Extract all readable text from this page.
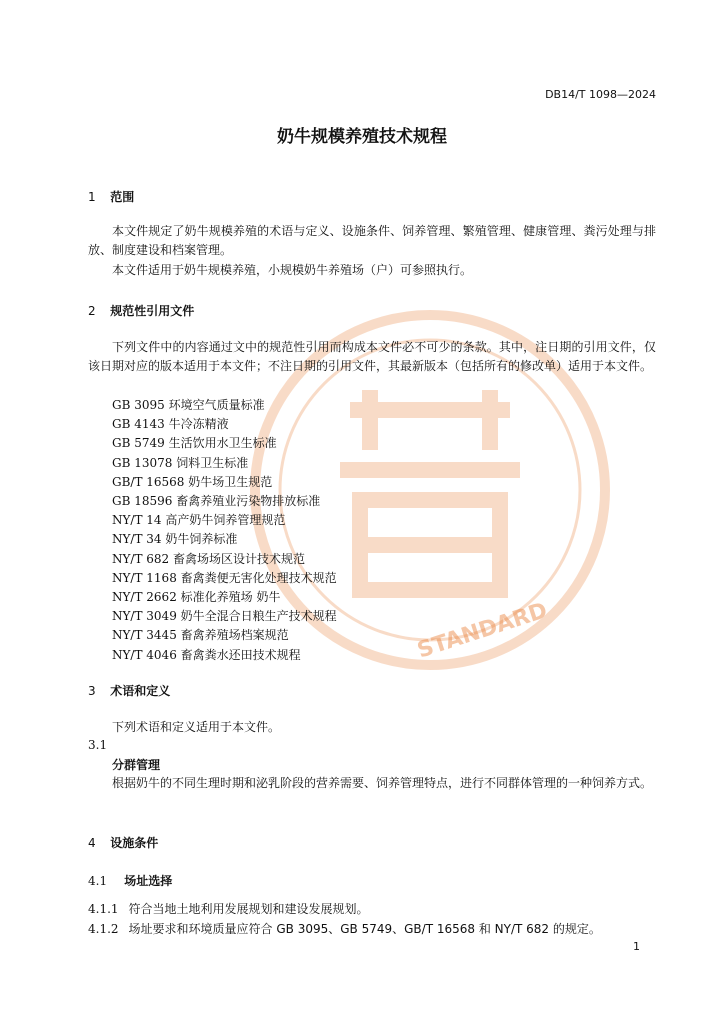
STANDARD
DB14/T 1098—2024
奶牛规模养殖技术规程
1 范围
本文件规定了奶牛规模养殖的术语与定义、设施条件、饲养管理、繁殖管理、健康管理、粪污处理与排放、制度建设和档案管理。
本文件适用于奶牛规模养殖，小规模奶牛养殖场（户）可参照执行。
2 规范性引用文件
下列文件中的内容通过文中的规范性引用而构成本文件必不可少的条款。其中，注日期的引用文件，仅该日期对应的版本适用于本文件；不注日期的引用文件，其最新版本（包括所有的修改单）适用于本文件。
GB 3095 环境空气质量标准
GB 4143 牛冷冻精液
GB 5749 生活饮用水卫生标准
GB 13078 饲料卫生标准
GB/T 16568 奶牛场卫生规范
GB 18596 畜禽养殖业污染物排放标准
NY/T 14 高产奶牛饲养管理规范
NY/T 34 奶牛饲养标准
NY/T 682 畜禽场场区设计技术规范
NY/T 1168 畜禽粪便无害化处理技术规范
NY/T 2662 标准化养殖场 奶牛
NY/T 3049 奶牛全混合日粮生产技术规程
NY/T 3445 畜禽养殖场档案规范
NY/T 4046 畜禽粪水还田技术规程
3 术语和定义
下列术语和定义适用于本文件。
3.1
分群管理
根据奶牛的不同生理时期和泌乳阶段的营养需要、饲养管理特点，进行不同群体管理的一种饲养方式。
4 设施条件
4.1 场址选择
4.1.1 符合当地土地利用发展规划和建设发展规划。
4.1.2 场址要求和环境质量应符合 GB 3095、GB 5749、GB/T 16568 和 NY/T 682 的规定。
1
